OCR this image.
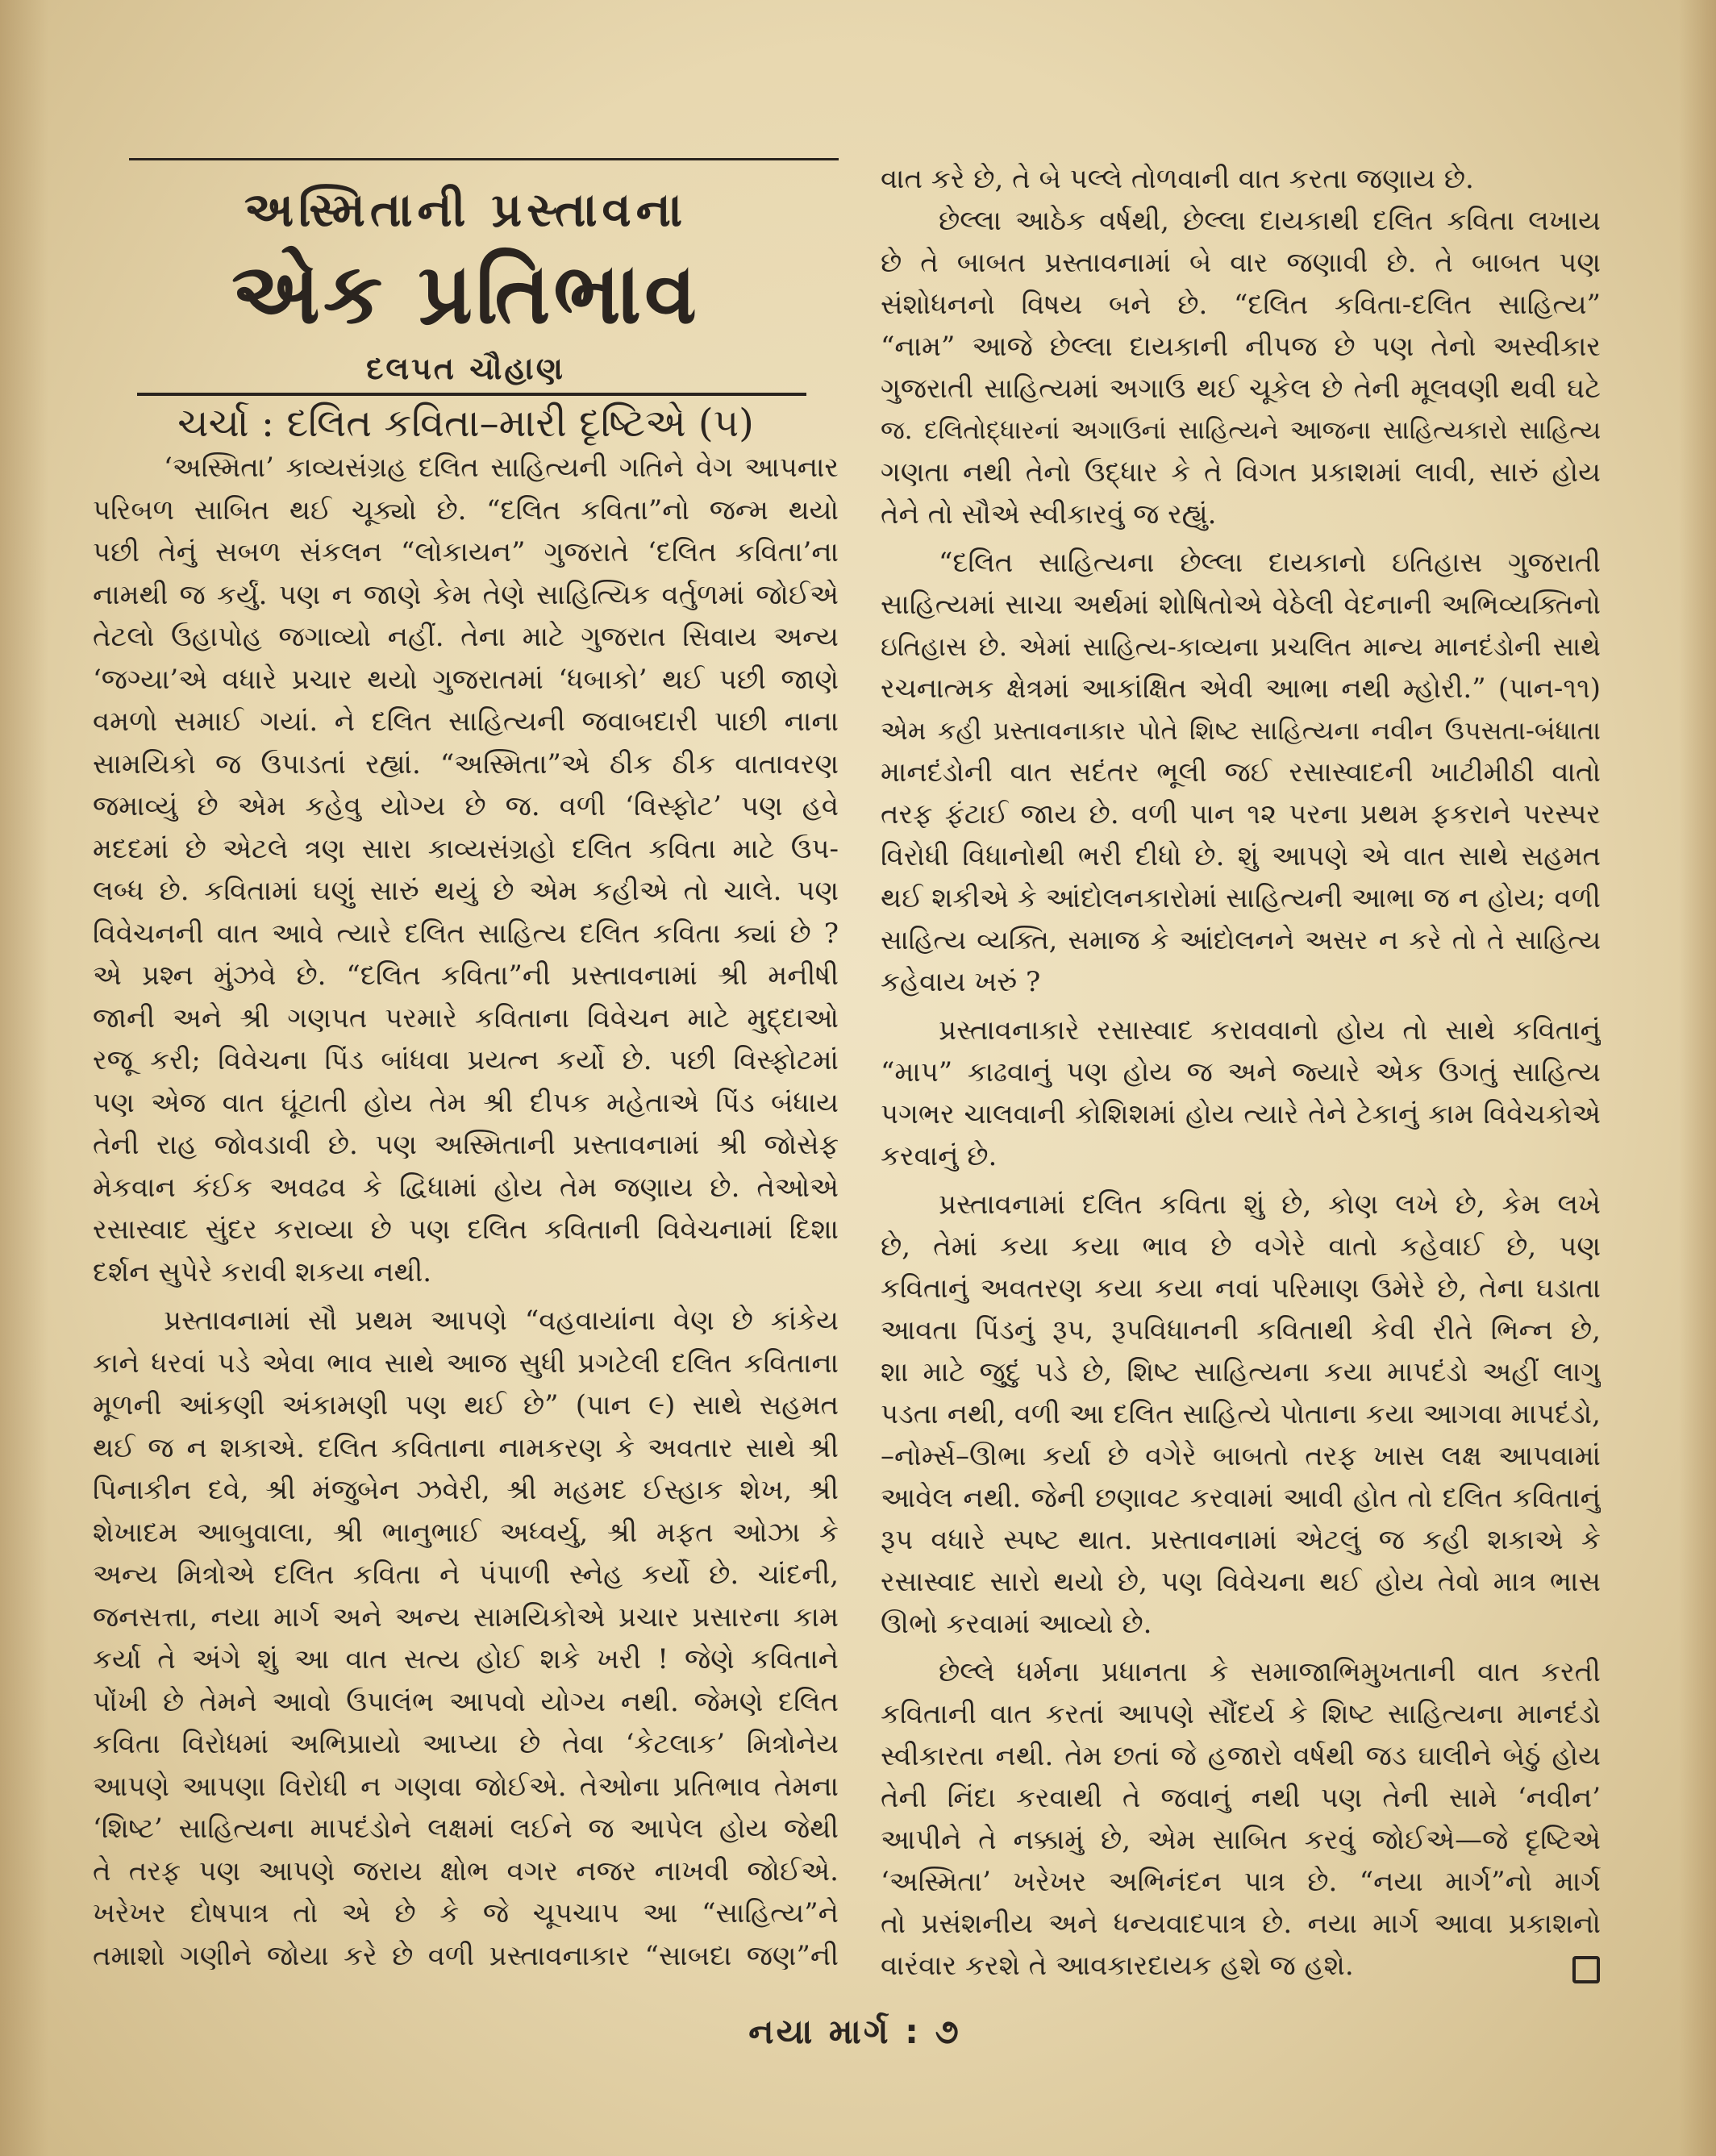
અસ્મિતાની પ્રસ્તાવના
એક પ્રતિભાવ
દલપત ચૌહાણ
ચર્ચા : દલિત કવિતા–મારી દૃષ્ટિએ (૫)
‘અસ્મિતા’ કાવ્યસંગ્રહ દલિત સાહિત્યની ગતિને વેગ આપનાર
પરિબળ સાબિત થઈ ચૂક્યો છે. “દલિત કવિતા”નો જન્મ થયો
પછી તેનું સબળ સંકલન “લોકાયન” ગુજરાતે ‘દલિત કવિતા’ના
નામથી જ કર્યું. પણ ન જાણે કેમ તેણે સાહિત્યિક વર્તુળમાં જોઈએ
તેટલો ઉહાપોહ જગાવ્યો નહીં. તેના માટે ગુજરાત સિવાય અન્ય
‘જગ્યા’એ વધારે પ્રચાર થયો ગુજરાતમાં ‘ધબાકો’ થઈ પછી જાણે
વમળો સમાઈ ગયાં. ને દલિત સાહિત્યની જવાબદારી પાછી નાના
સામયિકો જ ઉપાડતાં રહ્યાં. “અસ્મિતા”એ ઠીક ઠીક વાતાવરણ
જમાવ્યું છે એમ કહેવુ યોગ્ય છે જ. વળી ‘વિસ્ફોટ’ પણ હવે
મદદમાં છે એટલે ત્રણ સારા કાવ્યસંગ્રહો દલિત કવિતા માટે ઉપ-
લબ્ધ છે. કવિતામાં ઘણું સારું થયું છે એમ કહીએ તો ચાલે. પણ
વિવેચનની વાત આવે ત્યારે દલિત સાહિત્ય દલિત કવિતા ક્યાં છે ?
એ પ્રશ્ન મુંઝવે છે. “દલિત કવિતા”ની પ્રસ્તાવનામાં શ્રી મનીષી
જાની અને શ્રી ગણપત પરમારે કવિતાના વિવેચન માટે મુદ્દાઓ
રજૂ કરી; વિવેચના પિંડ બાંધવા પ્રયત્ન કર્યો છે. પછી વિસ્ફોટમાં
પણ એજ વાત ઘૂંટાતી હોય તેમ શ્રી દીપક મહેતાએ પિંડ બંધાય
તેની રાહ જોવડાવી છે. પણ અસ્મિતાની પ્રસ્તાવનામાં શ્રી જોસેફ
મેકવાન કંઈક અવઢવ કે દ્વિધામાં હોય તેમ જણાય છે. તેઓએ
રસાસ્વાદ સુંદર કરાવ્યા છે પણ દલિત કવિતાની વિવેચનામાં દિશા
દર્શન સુપેરે કરાવી શકયા નથી.
પ્રસ્તાવનામાં સૌ પ્રથમ આપણે “વહવાયાંના વેણ છે કાંકેય
કાને ધરવાં પડે એવા ભાવ સાથે આજ સુધી પ્રગટેલી દલિત કવિતાના
મૂળની આંકણી અંકામણી પણ થઈ છે” (પાન ૯) સાથે સહમત
થઈ જ ન શકાએ. દલિત કવિતાના નામકરણ કે અવતાર સાથે શ્રી
પિનાકીન દવે, શ્રી મંજુબેન ઝવેરી, શ્રી મહમદ ઈસ્હાક શેખ, શ્રી
શેખાદમ આબુવાલા, શ્રી ભાનુભાઈ અધ્વર્યુ, શ્રી મફત ઓઝા કે
અન્ય મિત્રોએ દલિત કવિતા ને પંપાળી સ્નેહ કર્યો છે. ચાંદની,
જનસત્તા, નયા માર્ગ અને અન્ય સામયિકોએ પ્રચાર પ્રસારના કામ
કર્યા તે અંગે શું આ વાત સત્ય હોઈ શકે ખરી ! જેણે કવિતાને
પોંખી છે તેમને આવો ઉપાલંભ આપવો યોગ્ય નથી. જેમણે દલિત
કવિતા વિરોધમાં અભિપ્રાયો આપ્યા છે તેવા ‘કેટલાક’ મિત્રોનેય
આપણે આપણા વિરોધી ન ગણવા જોઈએ. તેઓના પ્રતિભાવ તેમના
‘શિષ્ટ’ સાહિત્યના માપદંડોને લક્ષમાં લઈને જ આપેલ હોય જેથી
તે તરફ પણ આપણે જરાય ક્ષોભ વગર નજર નાખવી જોઈએ.
ખરેખર દોષપાત્ર તો એ છે કે જે ચૂપચાપ આ “સાહિત્ય”ને
તમાશો ગણીને જોયા કરે છે વળી પ્રસ્તાવનાકાર “સાબદા જણ”ની
વાત કરે છે, તે બે પલ્લે તોળવાની વાત કરતા જણાય છે.
છેલ્લા આઠેક વર્ષથી, છેલ્લા દાયકાથી દલિત કવિતા લખાય
છે તે બાબત પ્રસ્તાવનામાં બે વાર જણાવી છે. તે બાબત પણ
સંશોધનનો વિષય બને છે. “દલિત કવિતા-દલિત સાહિત્ય”
“નામ” આજે છેલ્લા દાયકાની નીપજ છે પણ તેનો અસ્વીકાર
ગુજરાતી સાહિત્યમાં અગાઉ થઈ ચૂકેલ છે તેની મૂલવણી થવી ઘટે
જ. દલિતોદ્ધારનાં અગાઉનાં સાહિત્યને આજના સાહિત્યકારો સાહિત્ય
ગણતા નથી તેનો ઉદ્ધાર કે તે વિગત પ્રકાશમાં લાવી, સારું હોય
તેને તો સૌએ સ્વીકારવું જ રહ્યું.
“દલિત સાહિત્યના છેલ્લા દાયકાનો ઇતિહાસ ગુજરાતી
સાહિત્યમાં સાચા અર્થમાં શોષિતોએ વેઠેલી વેદનાની અભિવ્યક્તિનો
ઇતિહાસ છે. એમાં સાહિત્ય-કાવ્યના પ્રચલિત માન્ય માનદંડોની સાથે
રચનાત્મક ક્ષેત્રમાં આકાંક્ષિત એવી આભા નથી મ્હોરી.” (પાન-૧૧)
એમ કહી પ્રસ્તાવનાકાર પોતે શિષ્ટ સાહિત્યના નવીન ઉપસતા-બંધાતા
માનદંડોની વાત સદંતર ભૂલી જઈ રસાસ્વાદની ખાટીમીઠી વાતો
તરફ ફંટાઈ જાય છે. વળી પાન ૧૨ પરના પ્રથમ ફકરાને પરસ્પર
વિરોધી વિધાનોથી ભરી દીધો છે. શું આપણે એ વાત સાથે સહમત
થઈ શકીએ કે આંદોલનકારોમાં સાહિત્યની આભા જ ન હોય; વળી
સાહિત્ય વ્યક્તિ, સમાજ કે આંદોલનને અસર ન કરે તો તે સાહિત્ય
કહેવાય ખરું ?
પ્રસ્તાવનાકારે રસાસ્વાદ કરાવવાનો હોય તો સાથે કવિતાનું
“માપ” કાઢવાનું પણ હોય જ અને જ્યારે એક ઉગતું સાહિત્ય
પગભર ચાલવાની કોશિશમાં હોય ત્યારે તેને ટેકાનું કામ વિવેચકોએ
કરવાનું છે.
પ્રસ્તાવનામાં દલિત કવિતા શું છે, કોણ લખે છે, કેમ લખે
છે, તેમાં કયા કયા ભાવ છે વગેરે વાતો કહેવાઈ છે, પણ
કવિતાનું અવતરણ કયા કયા નવાં પરિમાણ ઉમેરે છે, તેના ઘડાતા
આવતા પિંડનું રૂપ, રૂપવિધાનની કવિતાથી કેવી રીતે ભિન્ન છે,
શા માટે જુદું પડે છે, શિષ્ટ સાહિત્યના કયા માપદંડો અહીં લાગુ
પડતા નથી, વળી આ દલિત સાહિત્યે પોતાના કયા આગવા માપદંડો,
–નોર્મ્સ–ઊભા કર્યા છે વગેરે બાબતો તરફ ખાસ લક્ષ આપવામાં
આવેલ નથી. જેની છણાવટ કરવામાં આવી હોત તો દલિત કવિતાનું
રૂપ વધારે સ્પષ્ટ થાત. પ્રસ્તાવનામાં એટલું જ કહી શકાએ કે
રસાસ્વાદ સારો થયો છે, પણ વિવેચના થઈ હોય તેવો માત્ર ભાસ
ઊભો કરવામાં આવ્યો છે.
છેલ્લે ધર્મના પ્રધાનતા કે સમાજાભિમુખતાની વાત કરતી
કવિતાની વાત કરતાં આપણે સૌંદર્ય કે શિષ્ટ સાહિત્યના માનદંડો
સ્વીકારતા નથી. તેમ છતાં જે હજારો વર્ષથી જડ ઘાલીને બેઠું હોય
તેની નિંદા કરવાથી તે જવાનું નથી પણ તેની સામે ‘નવીન’
આપીને તે નક્કામું છે, એમ સાબિત કરવું જોઈએ—જે દૃષ્ટિએ
‘અસ્મિતા’ ખરેખર અભિનંદન પાત્ર છે. “નયા માર્ગ”નો માર્ગ
તો પ્રસંશનીય અને ધન્યવાદપાત્ર છે. નયા માર્ગ આવા પ્રકાશનો
વારંવાર કરશે તે આવકારદાયક હશે જ હશે.
નયા માર્ગ : ૭
